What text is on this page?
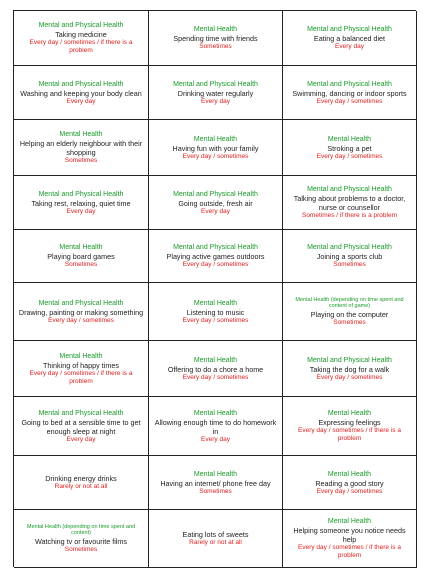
Mental and Physical Health
Taking medicine
Every day / sometimes / if there is a problem
Mental Health
Spending time with friends
Sometimes
Mental and Physical Health
Eating a balanced diet
Every day
Mental and Physical Health
Washing and keeping your body clean
Every day
Mental and Physical Health
Drinking water regularly
Every day
Mental and Physical Health
Swimming, dancing or indoor sports
Every day / sometimes
Mental Health
Helping an elderly neighbour with their shopping
Sometimes
Mental Health
Having fun with your family
Every day / sometimes
Mental Health
Stroking a pet
Every day / sometimes
Mental and Physical Health
Taking rest, relaxing, quiet time
Every day
Mental and Physical Health
Going outside, fresh air
Every day
Mental and Physical Health
Talking about problems to a doctor, nurse or counsellor
Sometimes / if there is a problem
Mental Health
Playing board games
Sometimes
Mental and Physical Health
Playing active games outdoors
Every day / sometimes
Mental and Physical Health
Joining a sports club
Sometimes
Mental and Physical Health
Drawing, painting or making something
Every day / sometimes
Mental Health
Listening to music
Every day / sometimes
Mental Health (depending on time spent and content of game)
Playing on the computer
Sometimes
Mental Health
Thinking of happy times
Every day / sometimes / if there is a problem
Mental Health
Offering to do a chore a home
Every day / sometimes
Mental and Physical Health
Taking the dog for a walk
Every day / sometimes
Mental and Physical Health
Going to bed at a sensible time to get enough sleep at night
Every day
Mental Health
Allowing enough time to do homework in
Every day
Mental Health
Expressing feelings
Every day / sometimes / if there is a problem
Drinking energy drinks
Rarely or not at all
Mental Health
Having an internet/ phone free day
Sometimes
Mental Health
Reading a good story
Every day / sometimes
Mental Health (depending on time spent and content)
Watching tv or favourite films
Sometimes
Eating lots of sweets
Rarely or not at all
Mental Health
Helping someone you notice needs help
Every day / sometimes / if there is a problem
